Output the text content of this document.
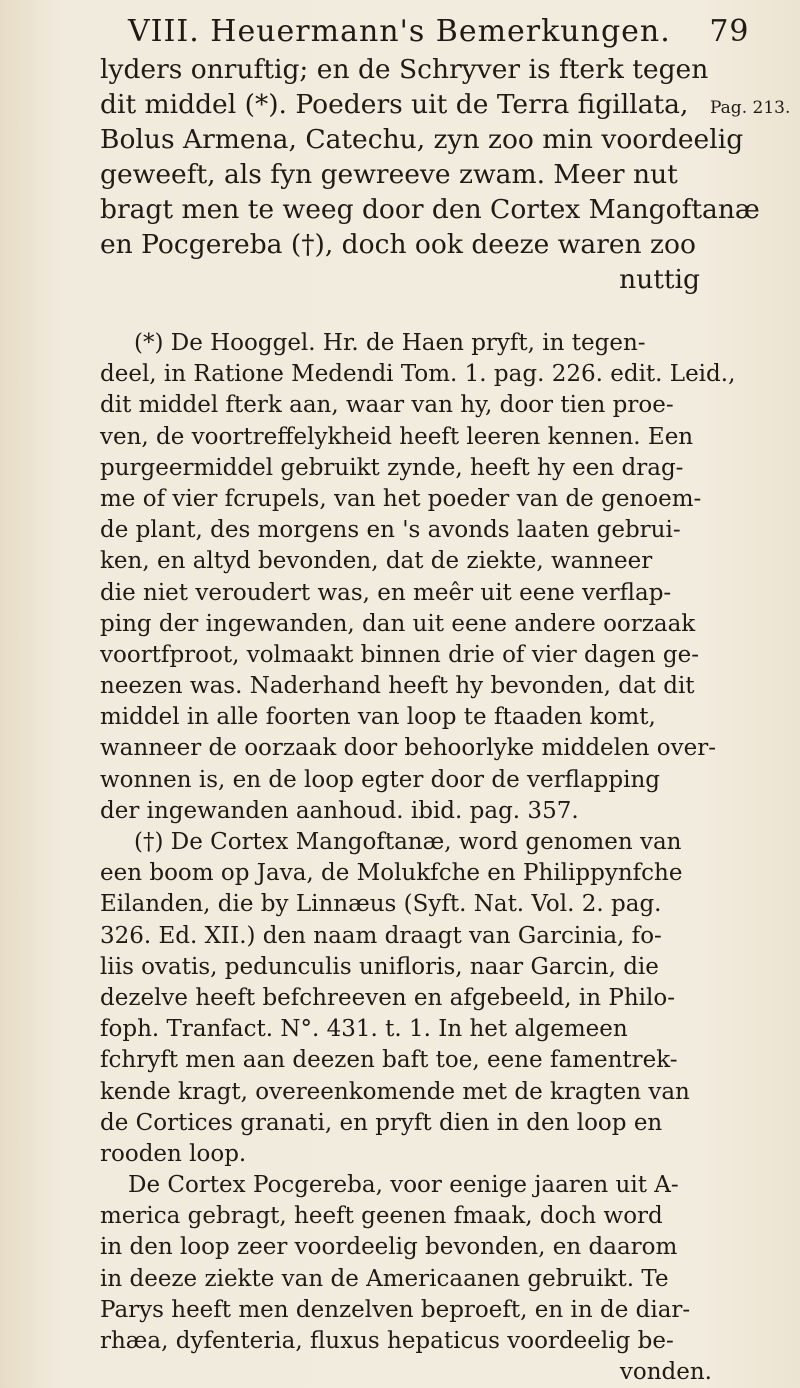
VIII. Heuermann's Bemerkungen. 79
Pag. 213.
lyders onruftig; en de Schryver is fterk tegen
dit middel (*). Poeders uit de Terra figillata,
Bolus Armena, Catechu, zyn zoo min voordeelig
geweeft, als fyn gewreeve zwam. Meer nut
bragt men te weeg door den Cortex Mangoftanæ
en Pocgereba (†), doch ook deeze waren zoo
nuttig
(*) De Hooggel. Hr. de Haen pryft, in tegen-
deel, in Ratione Medendi Tom. 1. pag. 226. edit. Leid.,
dit middel fterk aan, waar van hy, door tien proe-
ven, de voortreffelykheid heeft leeren kennen. Een
purgeermiddel gebruikt zynde, heeft hy een drag-
me of vier fcrupels, van het poeder van de genoem-
de plant, des morgens en 's avonds laaten gebrui-
ken, en altyd bevonden, dat de ziekte, wanneer
die niet veroudert was, en meêr uit eene verflap-
ping der ingewanden, dan uit eene andere oorzaak
voortfproot, volmaakt binnen drie of vier dagen ge-
neezen was. Naderhand heeft hy bevonden, dat dit
middel in alle foorten van loop te ftaaden komt,
wanneer de oorzaak door behoorlyke middelen over-
wonnen is, en de loop egter door de verflapping
der ingewanden aanhoud. ibid. pag. 357.
(†) De Cortex Mangoftanæ, word genomen van
een boom op Java, de Molukfche en Philippynfche
Eilanden, die by Linnæus (Syft. Nat. Vol. 2. pag.
326. Ed. XII.) den naam draagt van Garcinia, fo-
liis ovatis, pedunculis unifloris, naar Garcin, die
dezelve heeft befchreeven en afgebeeld, in Philo-
foph. Tranfact. N°. 431. t. 1. In het algemeen
fchryft men aan deezen baft toe, eene famentrek-
kende kragt, overeenkomende met de kragten van
de Cortices granati, en pryft dien in den loop en
rooden loop.
De Cortex Pocgereba, voor eenige jaaren uit A-
merica gebragt, heeft geenen fmaak, doch word
in den loop zeer voordeelig bevonden, en daarom
in deeze ziekte van de Americaanen gebruikt. Te
Parys heeft men denzelven beproeft, en in de diar-
rhæa, dyfenteria, fluxus hepaticus voordeelig be-
vonden.
